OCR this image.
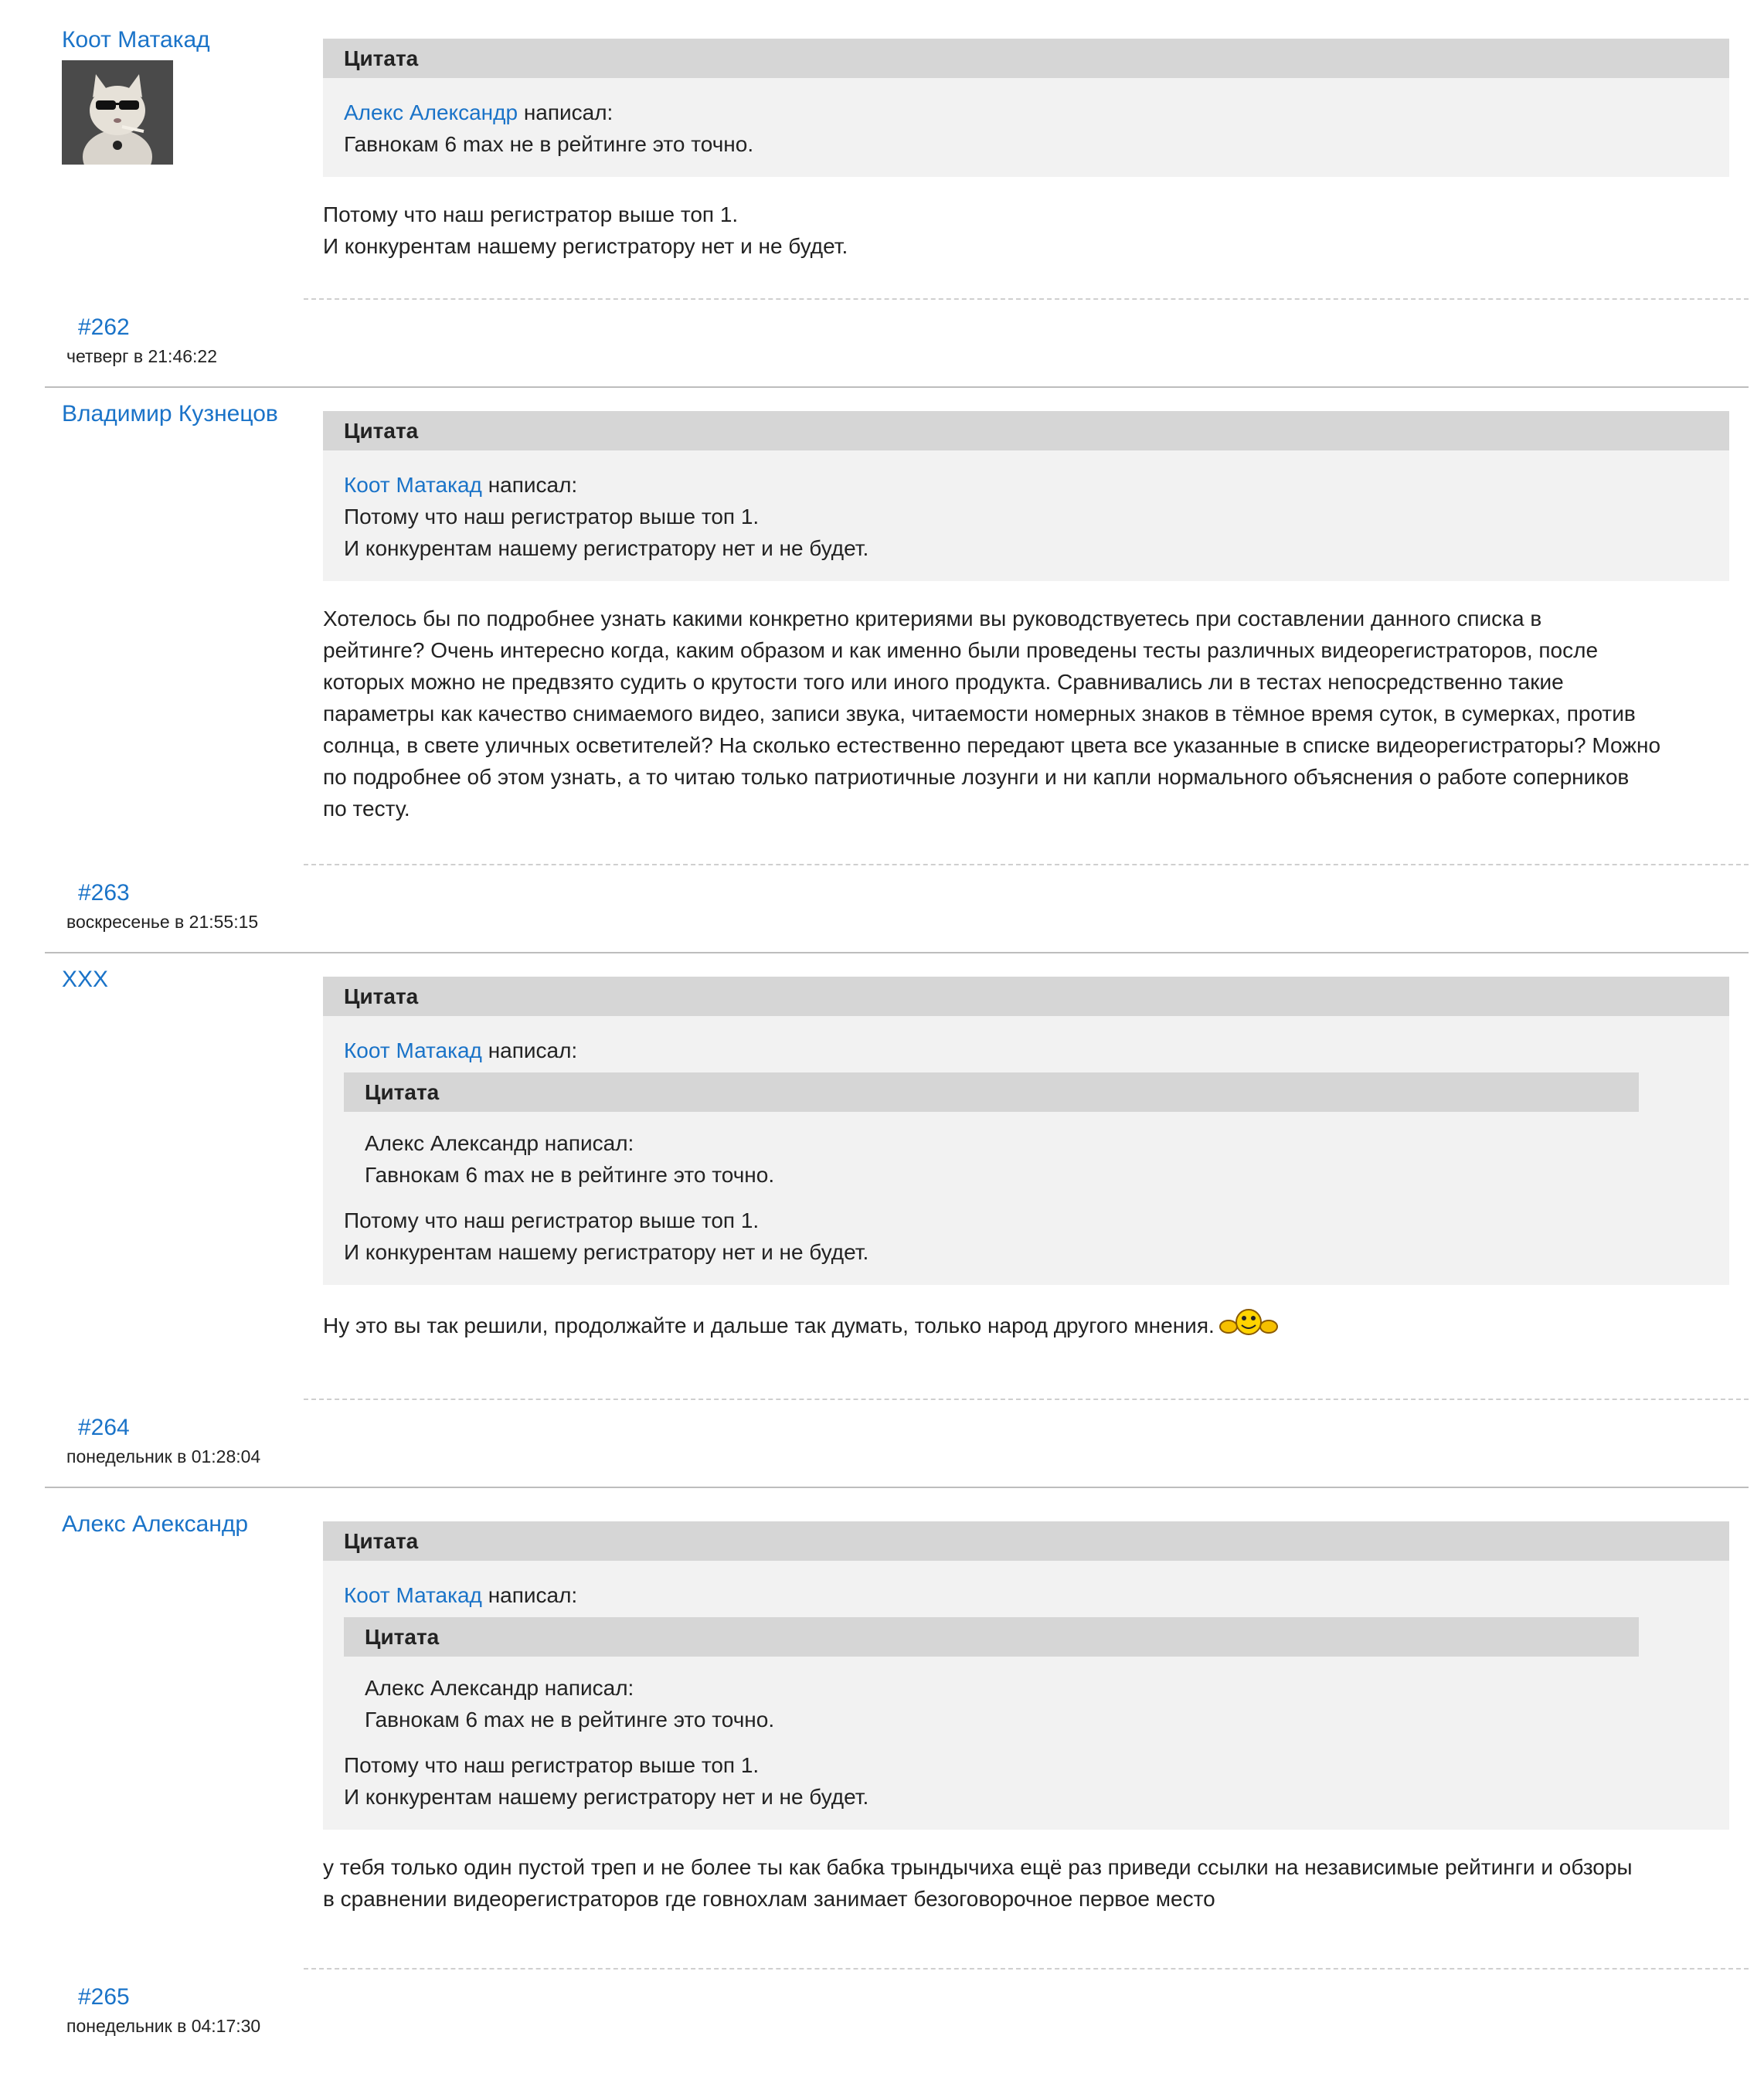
Коот Матакад
Цитата
Алекс Александр написал:
Гавнокам 6 max не в рейтинге это точно.

Потому что наш регистратор выше топ 1.

И конкурентам нашему регистратору нет и не будет.

#262
четверг в 21:46:22
Владимир Кузнецов
Цитата
Коот Матакад написал:
Потому что наш регистратор выше топ 1.
И конкурентам нашему регистратору нет и не будет.

Хотелось бы по подробнее узнать какими конкретно критериями вы руководствуетесь при составлении данного списка в

рейтинге? Очень интересно когда, каким образом и как именно были проведены тесты различных видеорегистраторов, после

которых можно не предвзято судить о крутости того или иного продукта. Сравнивались ли в тестах непосредственно такие

параметры как качество снимаемого видео, записи звука, читаемости номерных знаков в тёмное время суток, в сумерках, против

солнца, в свете уличных осветителей? На сколько естественно передают цвета все указанные в списке видеорегистраторы? Можно

по подробнее об этом узнать, а то читаю только патриотичные лозунги и ни капли нормального объяснения о работе соперников

по тесту.

#263
воскресенье в 21:55:15
XXX
Цитата
Коот Матакад написал:
Цитата
Алекс Александр написал:
Гавнокам 6 max не в рейтинге это точно.
Потому что наш регистратор выше топ 1.
И конкурентам нашему регистратору нет и не будет.

Ну это вы так решили, продолжайте и дальше так думать, только народ другого мнения.

#264
понедельник в 01:28:04
Алекс Александр
Цитата
Коот Матакад написал:
Цитата
Алекс Александр написал:
Гавнокам 6 max не в рейтинге это точно.
Потому что наш регистратор выше топ 1.
И конкурентам нашему регистратору нет и не будет.

у тебя только один пустой треп и не более ты как бабка трындычиха ещё раз приведи ссылки на независимые рейтинги и обзоры

в сравнении видеорегистраторов где говнохлам занимает безоговорочное первое место

#265
понедельник в 04:17:30
